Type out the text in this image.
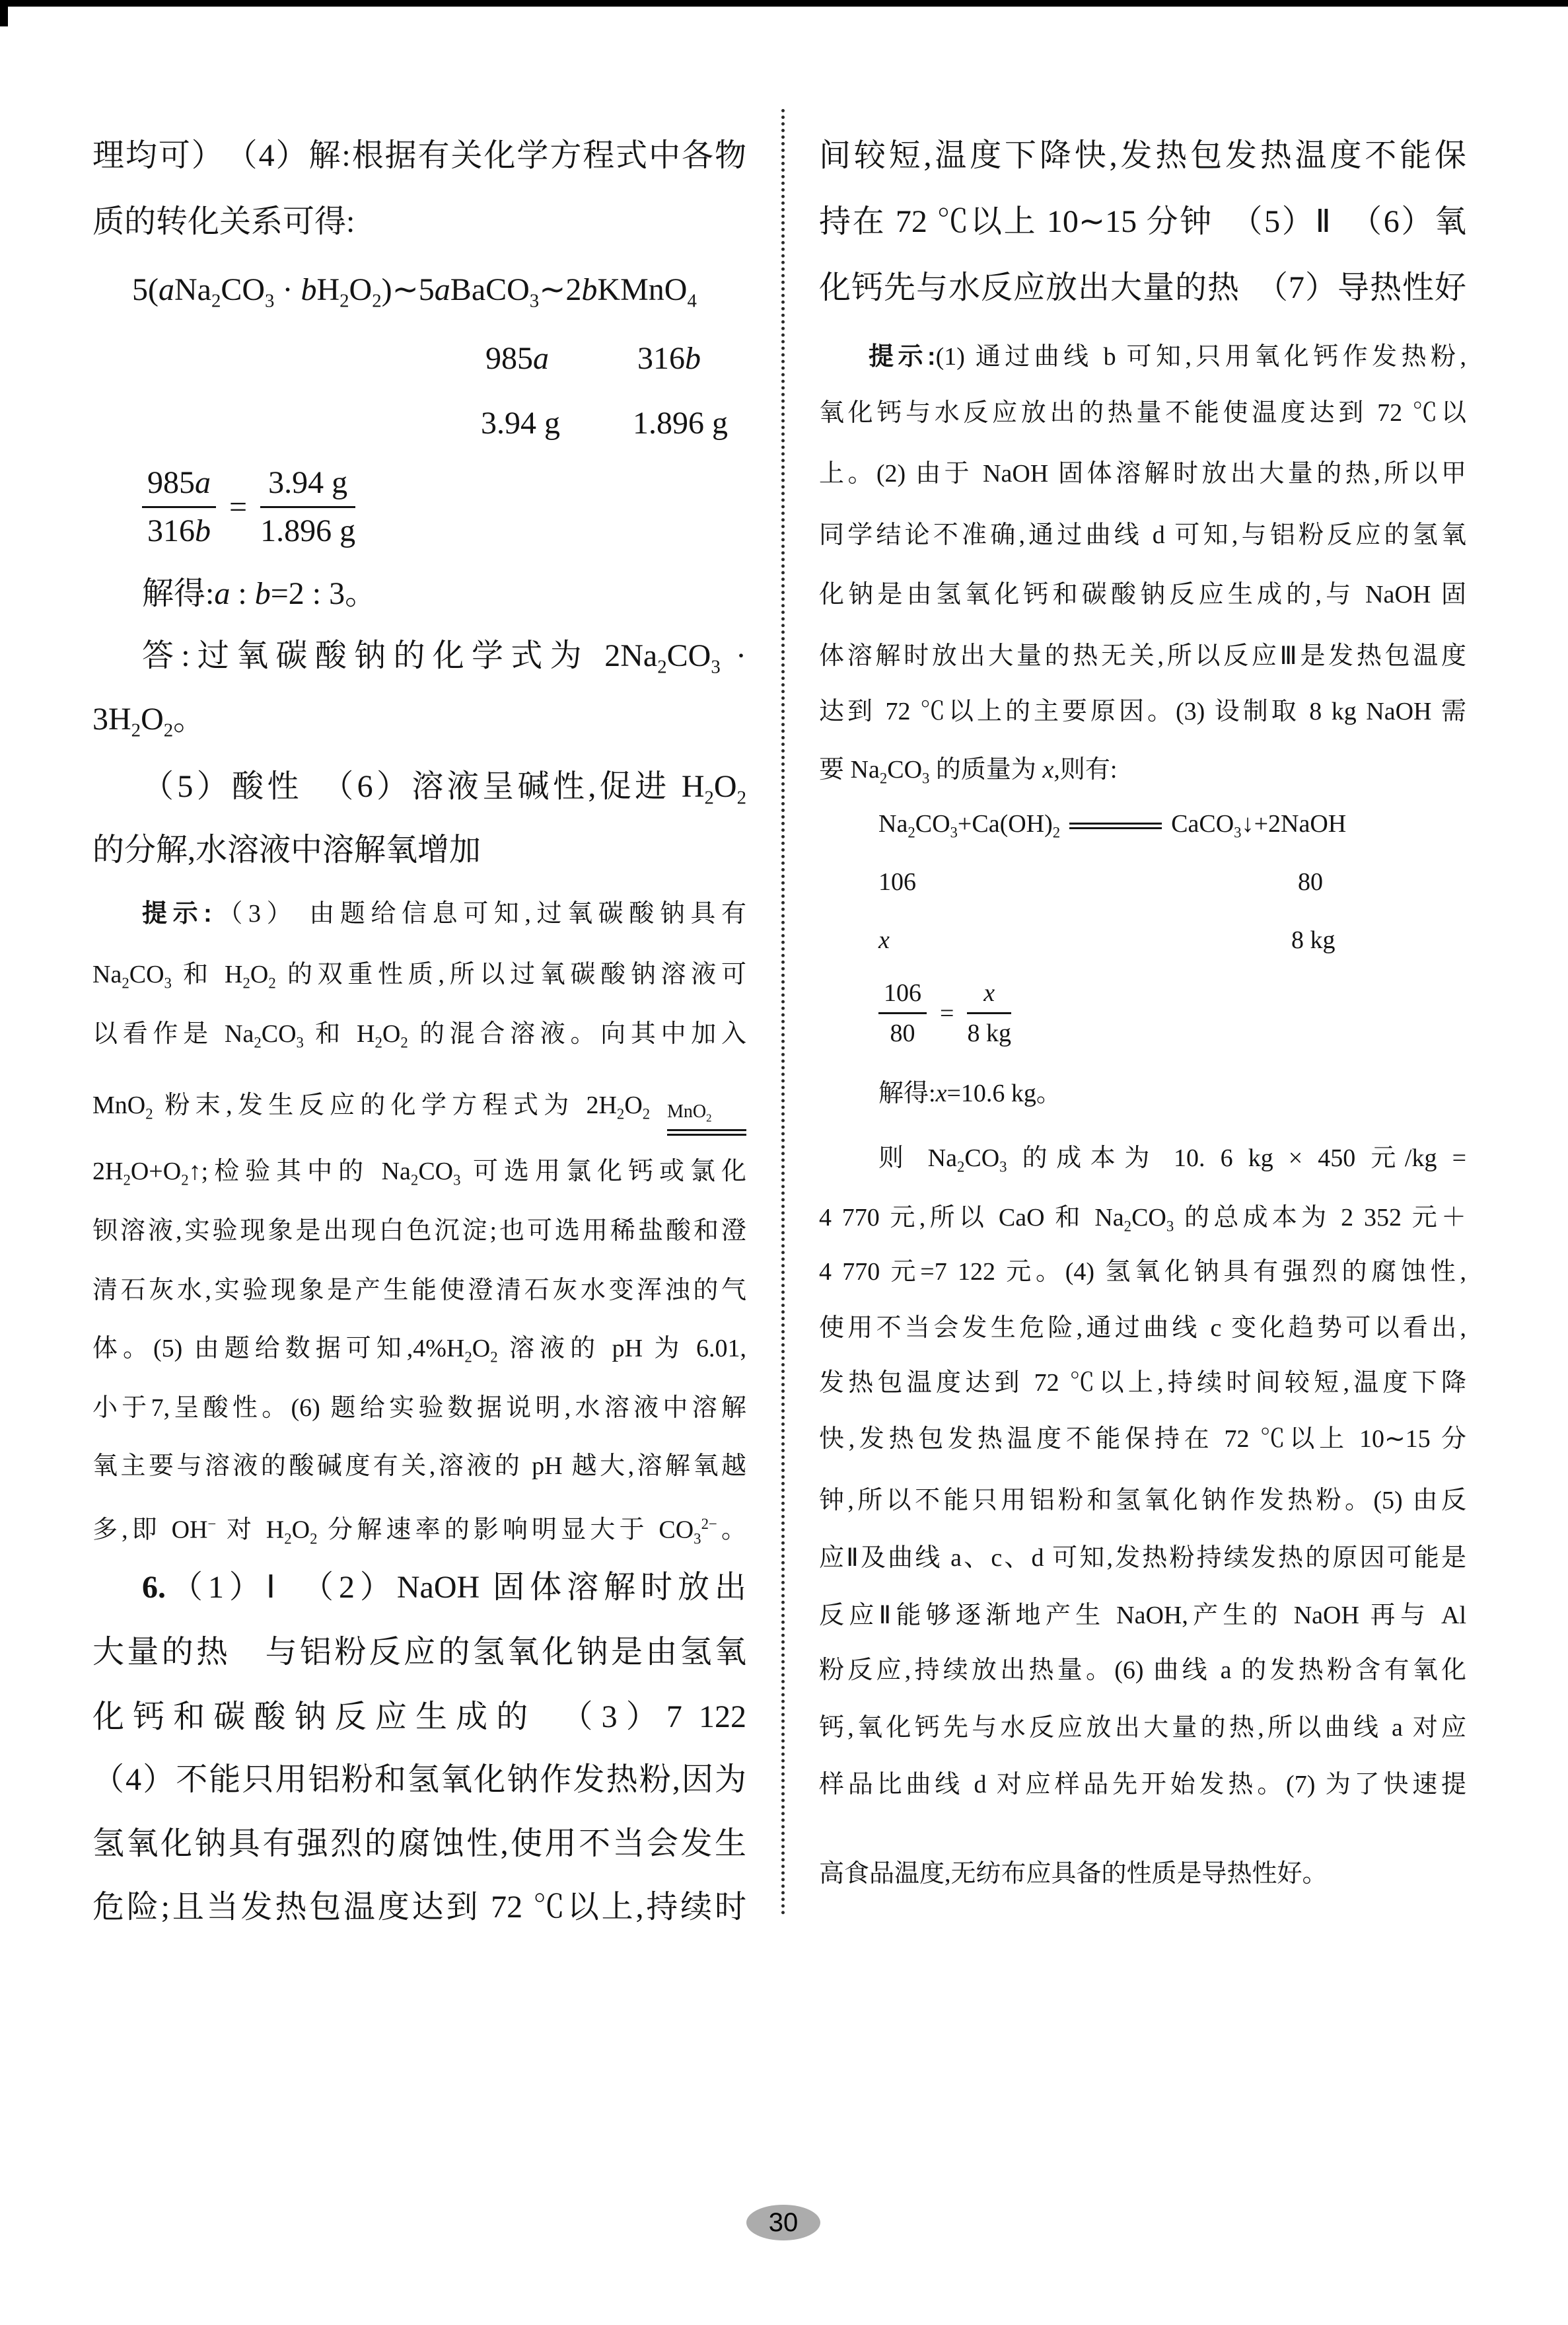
理均可）　（4）解:根据有关化学方程式中各物
质的转化关系可得:
$5(aNa_2CO_3$ · $bH_2O_2)\sim 5aBaCO_3\sim 2bKMnO_4$
985a	316b
3.94 g 1.896 g
$\frac{985a}{316b} = \frac{3.94 g}{1.896 g}$
解得:a : b=2 : 3。
答:过氧碳酸钠的化学式为 $2Na_2CO_3$ ·
$3H_2O_2$。
（5）酸性　（6）溶液呈碱性,促进 $H_2O_2$
的分解,水溶液中溶解氧增加
提示:（3） 由题给信息可知,过氧碳酸钠具有
$Na_2CO_3$ 和 $H_2O_2$ 的双重性质,所以过氧碳酸钠溶液可
以看作是 $Na_2CO_3$ 和 $H_2O_2$ 的混合溶液。向其中加入
MnO$_2$ 粉末,发生反应的化学方程式为 $2H_2O_2$ MnO$_2$
$2H_2O+O_2↑$;检验其中的 $Na_2CO_3$ 可选用氯化钙或氯化
钡溶液,实验现象是出现白色沉淀;也可选用稀盐酸和澄
清石灰水,实验现象是产生能使澄清石灰水变浑浊的气
体。(5) 由题给数据可知$,4\%H_2O_2$ 溶液的 pH 为 6.01,
小于7,呈酸性。(6) 题给实验数据说明,水溶液中溶解
氧主要与溶液的酸碱度有关,溶液的 pH 越大,溶解氧越
多,即 OH− 对 $H_2O_2$ 分解速率的影响明显大于 $CO_3^{2-}$。
6.（1）Ⅰ　（2）NaOH 固体溶解时放出
大量的热　与铝粉反应的氢氧化钠是由氢氧
化钙和碳酸钠反应生成的　（3）7 122
（4）不能只用铝粉和氢氧化钠作发热粉,因为
氢氧化钠具有强烈的腐蚀性,使用不当会发生
危险;且当发热包温度达到 72 ℃以上,持续时
间较短,温度下降快,发热包发热温度不能保
持在 72 ℃以上 10∼15 分钟　（5）Ⅱ　（6）氧
化钙先与水反应放出大量的热　（7）导热性好
提示:(1) 通过曲线 b 可知,只用氧化钙作发热粉,
氧化钙与水反应放出的热量不能使温度达到 72 ℃以
上。(2) 由于 NaOH 固体溶解时放出大量的热,所以甲
同学结论不准确,通过曲线 d 可知,与铝粉反应的氢氧
化钠是由氢氧化钙和碳酸钠反应生成的,与 NaOH 固
体溶解时放出大量的热无关,所以反应Ⅲ是发热包温度
达到 72 ℃以上的主要原因。(3) 设制取 8 kg NaOH 需
要 $Na_2CO_3$ 的质量为 x,则有:
$Na_2CO_3+Ca(OH)_2$	CaCO$_3$↓+2NaOH
106	80
x	8 kg
$\frac{106}{80} = \frac{x}{8 kg}$
解得:x=10.6 kg。
则 $Na_2CO_3$ 的成本为 10. 6 kg × 450 元/kg =
4 770 元,所以 CaO 和 $Na_2CO_3$ 的总成本为 2 352 元＋
4 770 元=7 122 元。(4) 氢氧化钠具有强烈的腐蚀性,
使用不当会发生危险,通过曲线 c 变化趋势可以看出,
发热包温度达到 72 ℃以上,持续时间较短,温度下降
快,发热包发热温度不能保持在 72 ℃以上 10∼15 分
钟,所以不能只用铝粉和氢氧化钠作发热粉。(5) 由反
应Ⅱ及曲线 a、c、d 可知,发热粉持续发热的原因可能是
反应Ⅱ能够逐渐地产生 NaOH,产生的 NaOH 再与 Al
粉反应,持续放出热量。(6) 曲线 a 的发热粉含有氧化
钙,氧化钙先与水反应放出大量的热,所以曲线 a 对应
样品比曲线 d 对应样品先开始发热。(7) 为了快速提
高食品温度,无纺布应具备的性质是导热性好。
30
